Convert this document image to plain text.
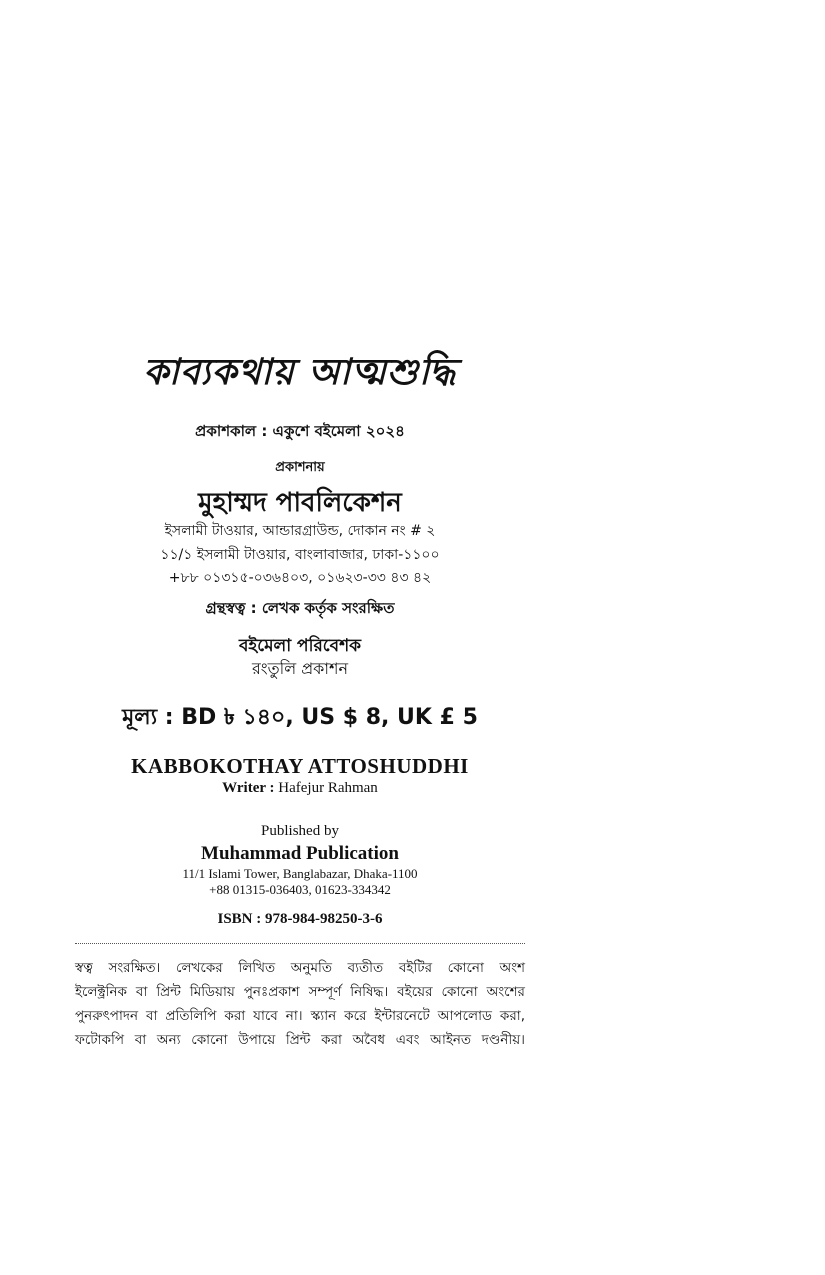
কাব্যকথায় আত্মশুদ্ধি
প্রকাশকাল : একুশে বইমেলা ২০২৪
প্রকাশনায়
মুহাম্মদ পাবলিকেশন
ইসলামী টাওয়ার, আন্ডারগ্রাউন্ড, দোকান নং # ২
১১/১ ইসলামী টাওয়ার, বাংলাবাজার, ঢাকা-১১০০
+৮৮ ০১৩১৫-০৩৬৪০৩, ০১৬২৩-৩৩ ৪৩ ৪২
গ্রন্থস্বত্ব : লেখক কর্তৃক সংরক্ষিত
বইমেলা পরিবেশক
রংতুলি প্রকাশন
মূল্য : BD ৳ ১৪০, US $ 8, UK £ 5
KABBOKOTHAY ATTOSHUDDHI
Writer : Hafejur Rahman
Published by
Muhammad Publication
11/1 Islami Tower, Banglabazar, Dhaka-1100
+88 01315-036403, 01623-334342
ISBN : 978-984-98250-3-6
স্বত্ব সংরক্ষিত। লেখকের লিখিত অনুমতি ব্যতীত বইটির কোনো অংশ
ইলেক্ট্রনিক বা প্রিন্ট মিডিয়ায় পুনঃপ্রকাশ সম্পূর্ণ নিষিদ্ধ। বইয়ের কোনো অংশের
পুনরুৎপাদন বা প্রতিলিপি করা যাবে না। স্ক্যান করে ইন্টারনেটে আপলোড করা,
ফটোকপি বা অন্য কোনো উপায়ে প্রিন্ট করা অবৈধ এবং আইনত দণ্ডনীয়।
